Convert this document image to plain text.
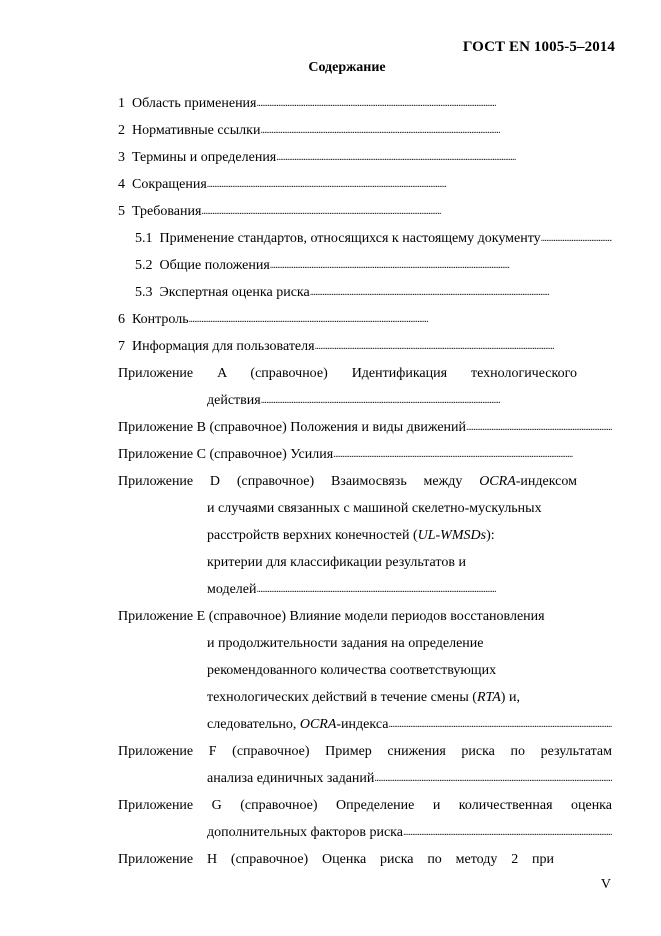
ГОСТ EN 1005-5–2014
Содержание
1 Область применения
. . .
2 Нормативные ссылки
. . .
3 Термины и определения
. . .
4 Сокращения
. . .
5 Требования
. . .
5.1 Применение стандартов, относящихся к настоящему документу
. . .
5.2 Общие положения
. . .
5.3 Экспертная оценка риска
. . .
6 Контроль
. . .
7 Информация для пользователя
. . .
Приложение A (справочное) Идентификация технологического
действия
. . .
Приложение B (справочное) Положения и виды движений
. . .
Приложение C (справочное) Усилия
. . .
Приложение D (справочное) Взаимосвязь между OCRA-индексом
и случаями связанных с машиной скелетно-мускульных
расстройств верхних конечностей (UL-WMSDs):
критерии для классификации результатов и
моделей
. . .
Приложение E (справочное) Влияние модели периодов восстановления
и продолжительности задания на определение
рекомендованного количества соответствующих
технологических действий в течение смены (RTA) и,
следовательно, OCRA-индекса
. . .
Приложение F (справочное) Пример снижения риска по результатам
анализа единичных заданий
. . .
Приложение G (справочное) Определение и количественная оценка
дополнительных факторов риска
. . .
Приложение H (справочное) Оценка риска по методу 2 при
V
